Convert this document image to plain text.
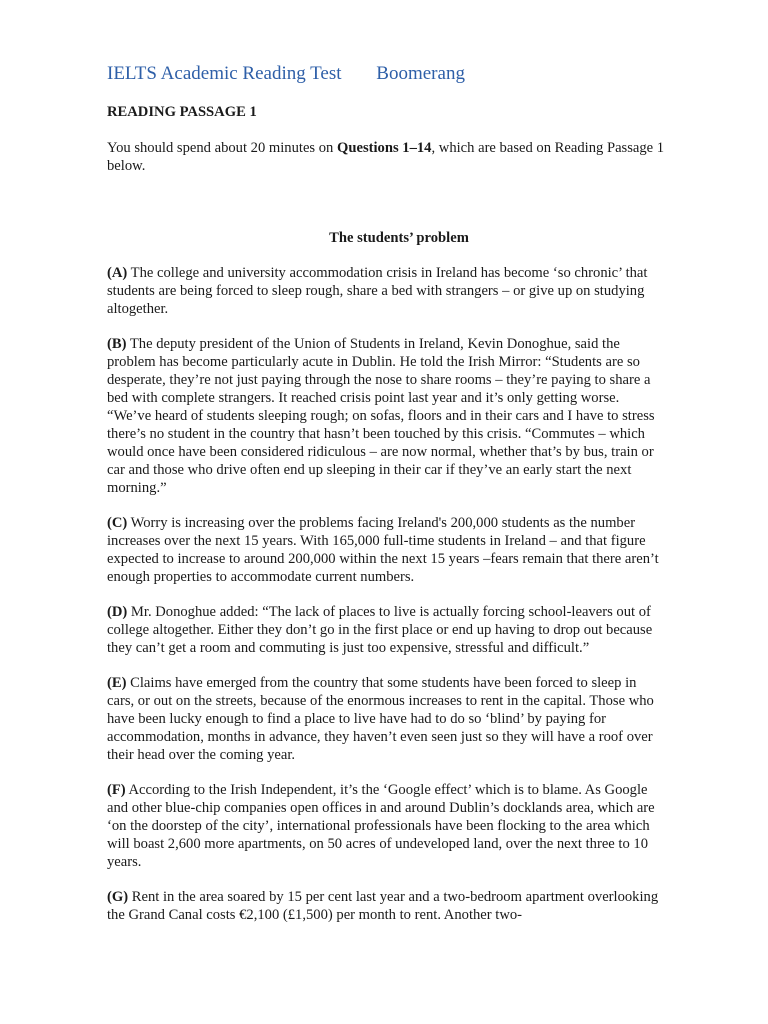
IELTS Academic Reading Test Boomerang
READING PASSAGE 1
You should spend about 20 minutes on Questions 1–14, which are based on Reading Passage 1 below.
The students’ problem
(A) The college and university accommodation crisis in Ireland has become ‘so chronic’ that students are being forced to sleep rough, share a bed with strangers – or give up on studying altogether.
(B) The deputy president of the Union of Students in Ireland, Kevin Donoghue, said the problem has become particularly acute in Dublin. He told the Irish Mirror: “Students are so desperate, they’re not just paying through the nose to share rooms – they’re paying to share a bed with complete strangers. It reached crisis point last year and it’s only getting worse. “We’ve heard of students sleeping rough; on sofas, floors and in their cars and I have to stress there’s no student in the country that hasn’t been touched by this crisis. “Commutes – which would once have been considered ridiculous – are now normal, whether that’s by bus, train or car and those who drive often end up sleeping in their car if they’ve an early start the next morning.”
(C) Worry is increasing over the problems facing Ireland's 200,000 students as the number increases over the next 15 years. With 165,000 full-time students in Ireland – and that figure expected to increase to around 200,000 within the next 15 years –fears remain that there aren’t enough properties to accommodate current numbers.
(D) Mr. Donoghue added: “The lack of places to live is actually forcing school-leavers out of college altogether. Either they don’t go in the first place or end up having to drop out because they can’t get a room and commuting is just too expensive, stressful and difficult.”
(E) Claims have emerged from the country that some students have been forced to sleep in cars, or out on the streets, because of the enormous increases to rent in the capital. Those who have been lucky enough to find a place to live have had to do so ‘blind’ by paying for accommodation, months in advance, they haven’t even seen just so they will have a roof over their head over the coming year.
(F) According to the Irish Independent, it’s the ‘Google effect’ which is to blame. As Google and other blue-chip companies open offices in and around Dublin’s docklands area, which are ‘on the doorstep of the city’, international professionals have been flocking to the area which will boast 2,600 more apartments, on 50 acres of undeveloped land, over the next three to 10 years.
(G) Rent in the area soared by 15 per cent last year and a two-bedroom apartment overlooking the Grand Canal costs €2,100 (£1,500) per month to rent. Another two-
